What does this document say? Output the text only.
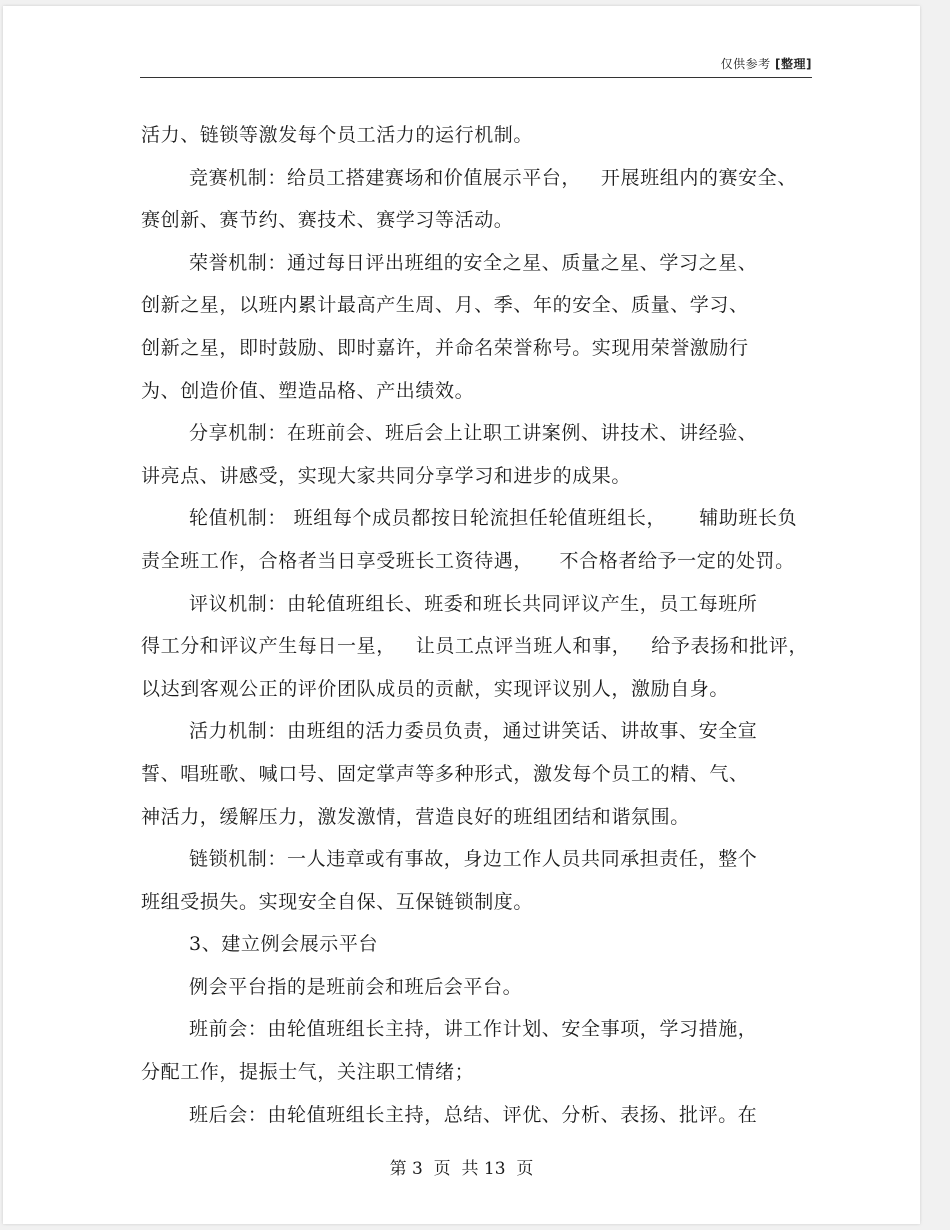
仅供参考 [整理]
活力、链锁等激发每个员工活力的运行机制。
竞赛机制：给员工搭建赛场和价值展示平台，   开展班组内的赛安全、
赛创新、赛节约、赛技术、赛学习等活动。
荣誉机制：通过每日评出班组的安全之星、质量之星、学习之星、
创新之星，以班内累计最高产生周、月、季、年的安全、质量、学习、
创新之星，即时鼓励、即时嘉许，并命名荣誉称号。实现用荣誉激励行
为、创造价值、塑造品格、产出绩效。
分享机制：在班前会、班后会上让职工讲案例、讲技术、讲经验、
讲亮点、讲感受，实现大家共同分享学习和进步的成果。
轮值机制： 班组每个成员都按日轮流担任轮值班组长，     辅助班长负
责全班工作，合格者当日享受班长工资待遇，    不合格者给予一定的处罚。
评议机制：由轮值班组长、班委和班长共同评议产生，员工每班所
得工分和评议产生每日一星，   让员工点评当班人和事，   给予表扬和批评，
以达到客观公正的评价团队成员的贡献，实现评议别人，激励自身。
活力机制：由班组的活力委员负责，通过讲笑话、讲故事、安全宣
誓、唱班歌、喊口号、固定掌声等多种形式，激发每个员工的精、气、
神活力，缓解压力，激发激情，营造良好的班组团结和谐氛围。
链锁机制：一人违章或有事故，身边工作人员共同承担责任，整个
班组受损失。实现安全自保、互保链锁制度。
3、建立例会展示平台
例会平台指的是班前会和班后会平台。
班前会：由轮值班组长主持，讲工作计划、安全事项，学习措施，
分配工作，提振士气，关注职工情绪；
班后会：由轮值班组长主持，总结、评优、分析、表扬、批评。在
第 3  页  共 13  页
